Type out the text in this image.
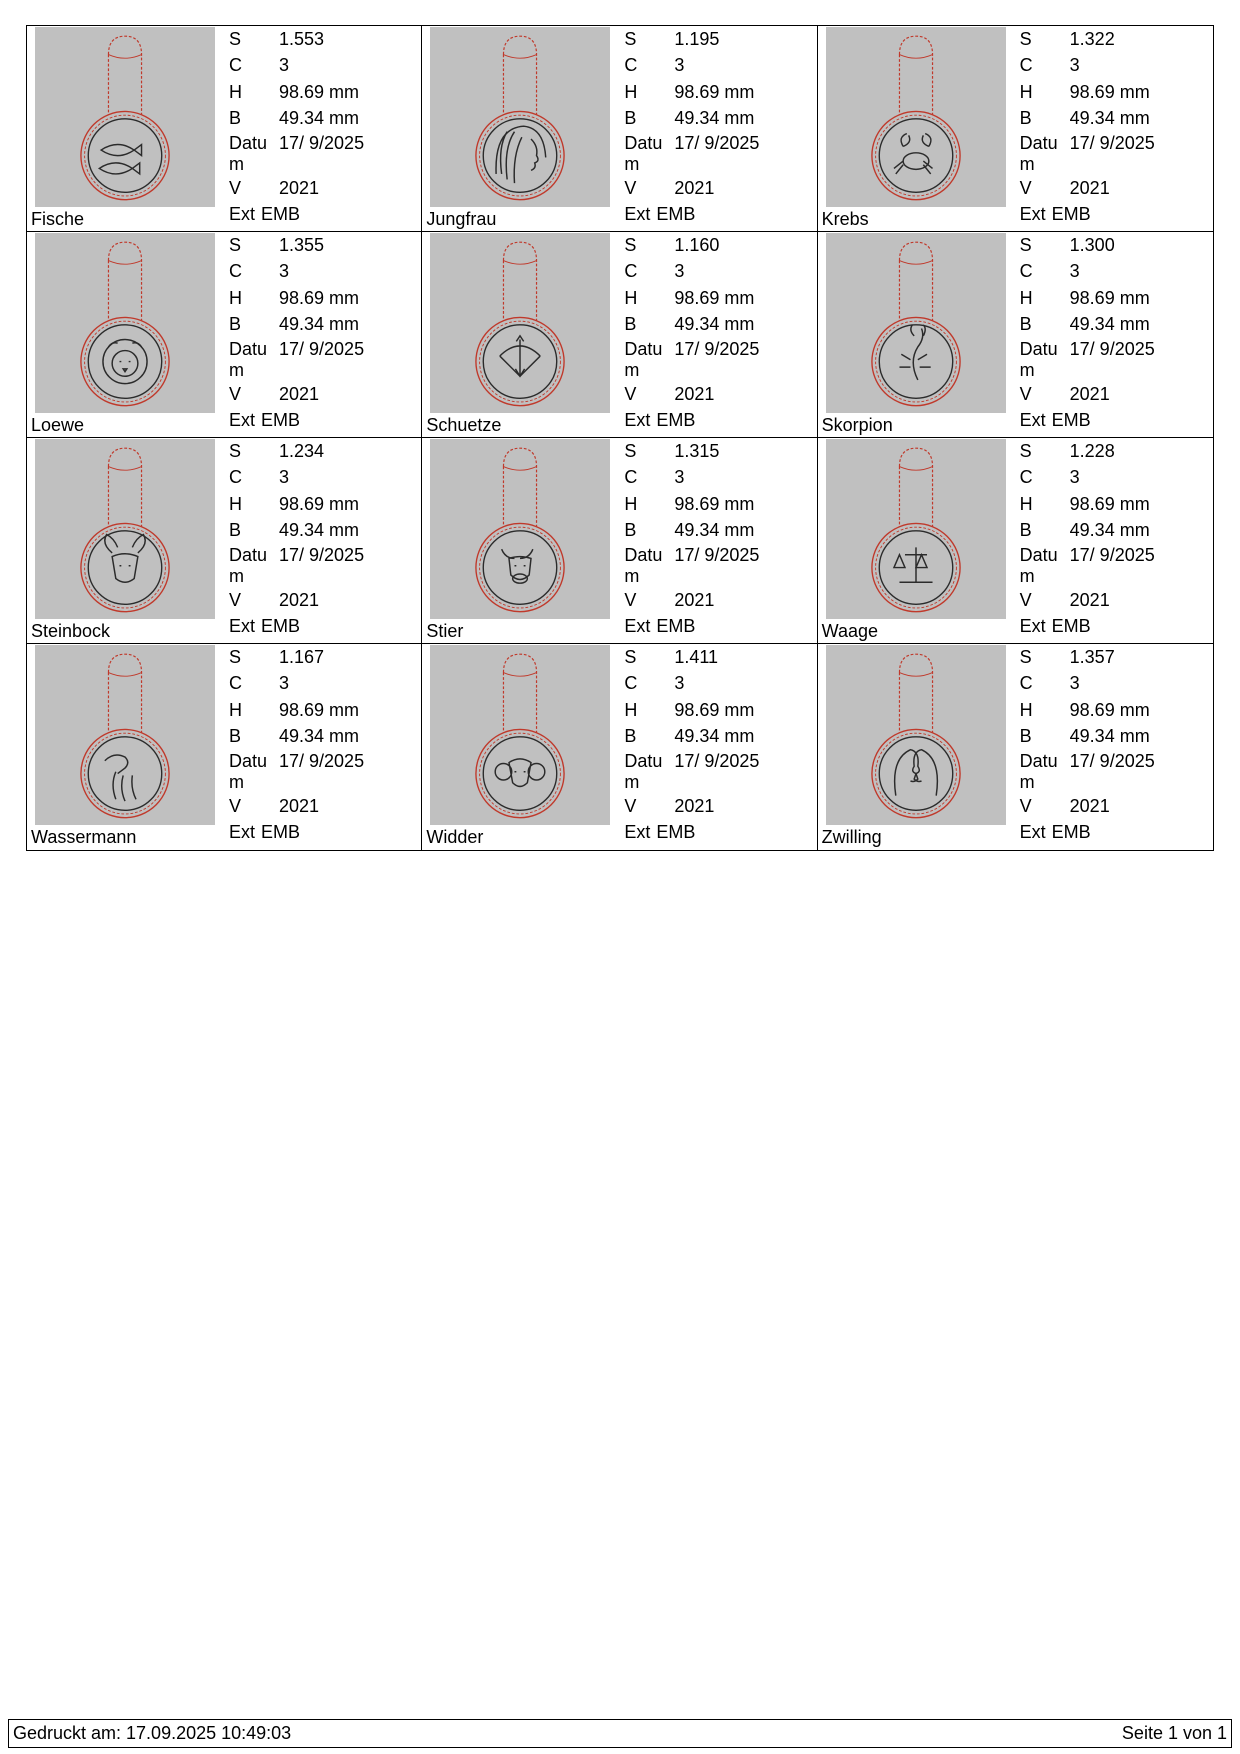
Fische
S	1.553
C	3
H	98.69 mm
B	49.34 mm
Datu
m
17/ 9/2025
V	2021
Ext EMB	Jungfrau
S	1.195
C	3
H	98.69 mm
B	49.34 mm
Datu
m
17/ 9/2025
V	2021
Ext EMB	Krebs
S	1.322
C	3
H	98.69 mm
B	49.34 mm
Datu
m
17/ 9/2025
V	2021
Ext EMB
Loewe
S	1.355
C	3
H	98.69 mm
B	49.34 mm
Datu
m
17/ 9/2025
V	2021
Ext EMB	Schuetze
S	1.160
C	3
H	98.69 mm
B	49.34 mm
Datu
m
17/ 9/2025
V	2021
Ext EMB	Skorpion
S	1.300
C	3
H	98.69 mm
B	49.34 mm
Datu
m
17/ 9/2025
V	2021
Ext EMB
Steinbock
S	1.234
C	3
H	98.69 mm
B	49.34 mm
Datu
m
17/ 9/2025
V	2021
Ext EMB	Stier
S	1.315
C	3
H	98.69 mm
B	49.34 mm
Datu
m
17/ 9/2025
V	2021
Ext EMB	Waage
S	1.228
C	3
H	98.69 mm
B	49.34 mm
Datu
m
17/ 9/2025
V	2021
Ext EMB
Wassermann
S	1.167
C	3
H	98.69 mm
B	49.34 mm
Datu
m
17/ 9/2025
V	2021
Ext EMB	Widder
S	1.411
C	3
H	98.69 mm
B	49.34 mm
Datu
m
17/ 9/2025
V	2021
Ext EMB	Zwilling
S	1.357
C	3
H	98.69 mm
B	49.34 mm
Datu
m
17/ 9/2025
V	2021
Ext EMB
Gedruckt am: 17.09.2025 10:49:03	Seite 1 von 1
